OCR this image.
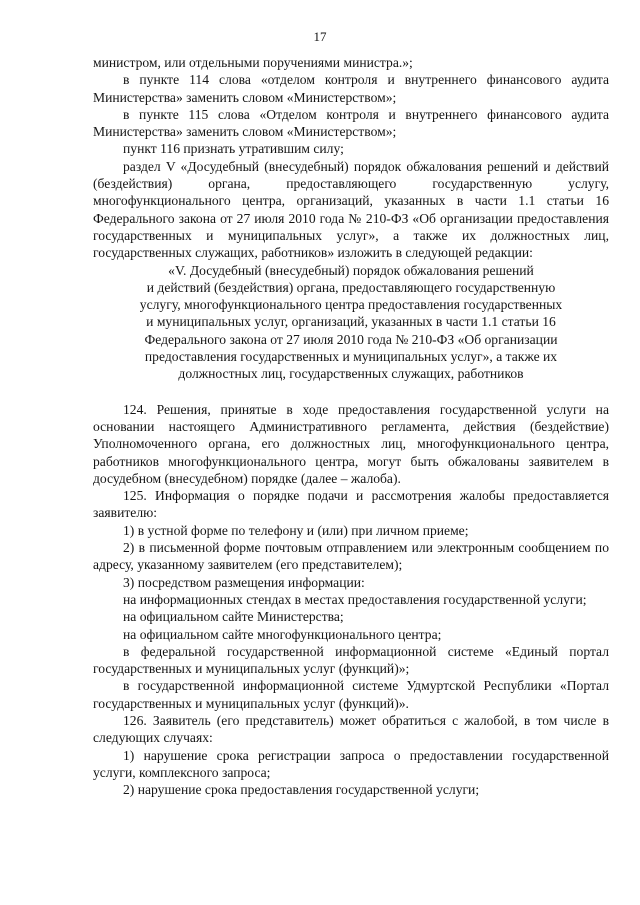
17

министром, или отдельными поручениями министра.»;

в пункте 114 слова «отделом контроля и внутреннего финансового аудита Министерства» заменить словом «Министерством»;

в пункте 115 слова «Отделом контроля и внутреннего финансового аудита Министерства» заменить словом «Министерством»;

пункт 116 признать утратившим силу;

раздел V «Досудебный (внесудебный) порядок обжалования решений и действий (бездействия) органа, предоставляющего государственную услугу, многофункционального центра, организаций, указанных в части 1.1 статьи 16 Федерального закона от 27 июля 2010 года № 210-ФЗ «Об организации предоставления государственных и муниципальных услуг», а также их должностных лиц, государственных служащих, работников» изложить в следующей редакции:

«V. Досудебный (внесудебный) порядок обжалования решений

и действий (бездействия) органа, предоставляющего государственную

услугу, многофункционального центра предоставления государственных

и муниципальных услуг, организаций, указанных в части 1.1 статьи 16

Федерального закона от 27 июля 2010 года № 210-ФЗ «Об организации

предоставления государственных и муниципальных услуг», а также их

должностных лиц, государственных служащих, работников

124. Решения, принятые в ходе предоставления государственной услуги на основании настоящего Административного регламента, действия (бездействие) Уполномоченного органа, его должностных лиц, многофункционального центра, работников многофункционального центра, могут быть обжалованы заявителем в досудебном (внесудебном) порядке (далее – жалоба).

125. Информация о порядке подачи и рассмотрения жалобы предоставляется заявителю:

1) в устной форме по телефону и (или) при личном приеме;

2) в письменной форме почтовым отправлением или электронным сообщением по адресу, указанному заявителем (его представителем);

3) посредством размещения информации:

на информационных стендах в местах предоставления государственной услуги;

на официальном сайте Министерства;

на официальном сайте многофункционального центра;

в федеральной государственной информационной системе «Единый портал государственных и муниципальных услуг (функций)»;

в государственной информационной системе Удмуртской Республики «Портал государственных и муниципальных услуг (функций)».

126. Заявитель (его представитель) может обратиться с жалобой, в том числе в следующих случаях:

1) нарушение срока регистрации запроса о предоставлении государственной услуги, комплексного запроса;

2) нарушение срока предоставления государственной услуги;
